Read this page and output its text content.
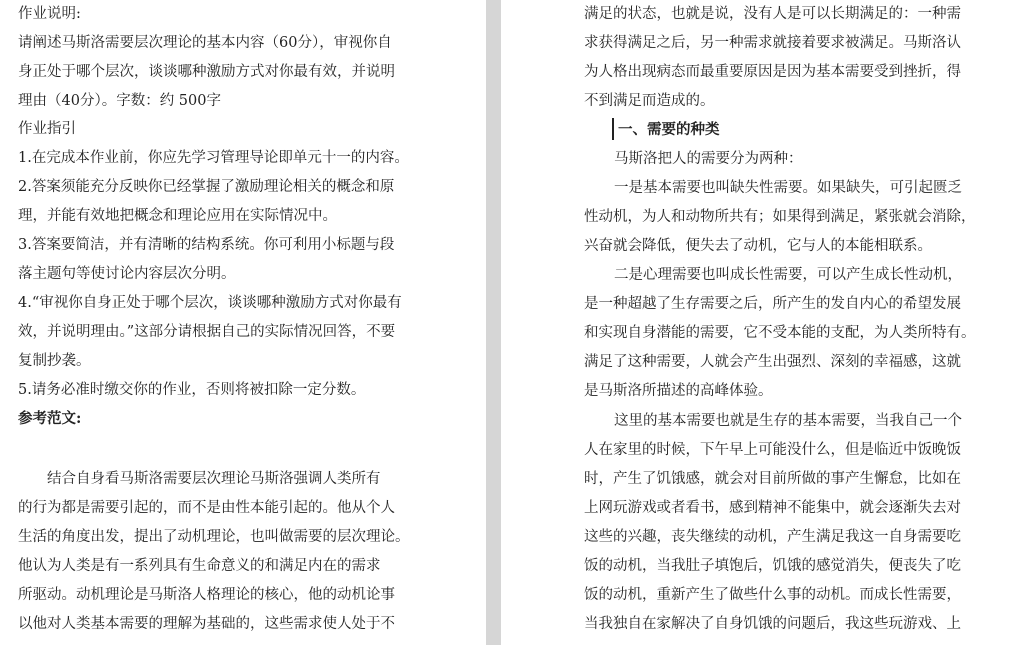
作业说明:
请阐述马斯洛需要层次理论的基本内容（60分），审视你自
身正处于哪个层次，谈谈哪种激励方式对你最有效，并说明
理由（40分）。字数：约 500字
作业指引
1.在完成本作业前，你应先学习管理导论即单元十一的内容。
2.答案须能充分反映你已经掌握了激励理论相关的概念和原
理，并能有效地把概念和理论应用在实际情况中。
3.答案要简洁，并有清晰的结构系统。你可利用小标题与段
落主题句等使讨论内容层次分明。
4.“审视你自身正处于哪个层次，谈谈哪种激励方式对你最有
效，并说明理由。”这部分请根据自己的实际情况回答，不要
复制抄袭。
5.请务必准时缴交你的作业，否则将被扣除一定分数。
参考范文:
结合自身看马斯洛需要层次理论马斯洛强调人类所有
的行为都是需要引起的，而不是由性本能引起的。他从个人
生活的角度出发，提出了动机理论，也叫做需要的层次理论。
他认为人类是有一系列具有生命意义的和满足内在的需求
所驱动。动机理论是马斯洛人格理论的核心，他的动机论事
以他对人类基本需要的理解为基础的，这些需求使人处于不
满足的状态，也就是说，没有人是可以长期满足的：一种需
求获得满足之后，另一种需求就接着要求被满足。马斯洛认
为人格出现病态而最重要原因是因为基本需要受到挫折，得
不到满足而造成的。
一、需要的种类
马斯洛把人的需要分为两种：
一是基本需要也叫缺失性需要。如果缺失，可引起匮乏
性动机，为人和动物所共有；如果得到满足，紧张就会消除，
兴奋就会降低，便失去了动机，它与人的本能相联系。
二是心理需要也叫成长性需要，可以产生成长性动机，
是一种超越了生存需要之后，所产生的发自内心的希望发展
和实现自身潜能的需要，它不受本能的支配，为人类所特有。
满足了这种需要，人就会产生出强烈、深刻的幸福感，这就
是马斯洛所描述的高峰体验。
这里的基本需要也就是生存的基本需要，当我自己一个
人在家里的时候，下午早上可能没什么，但是临近中饭晚饭
时，产生了饥饿感，就会对目前所做的事产生懈怠，比如在
上网玩游戏或者看书，感到精神不能集中，就会逐渐失去对
这些的兴趣，丧失继续的动机，产生满足我这一自身需要吃
饭的动机，当我肚子填饱后，饥饿的感觉消失，便丧失了吃
饭的动机，重新产生了做些什么事的动机。而成长性需要，
当我独自在家解决了自身饥饿的问题后，我这些玩游戏、上
